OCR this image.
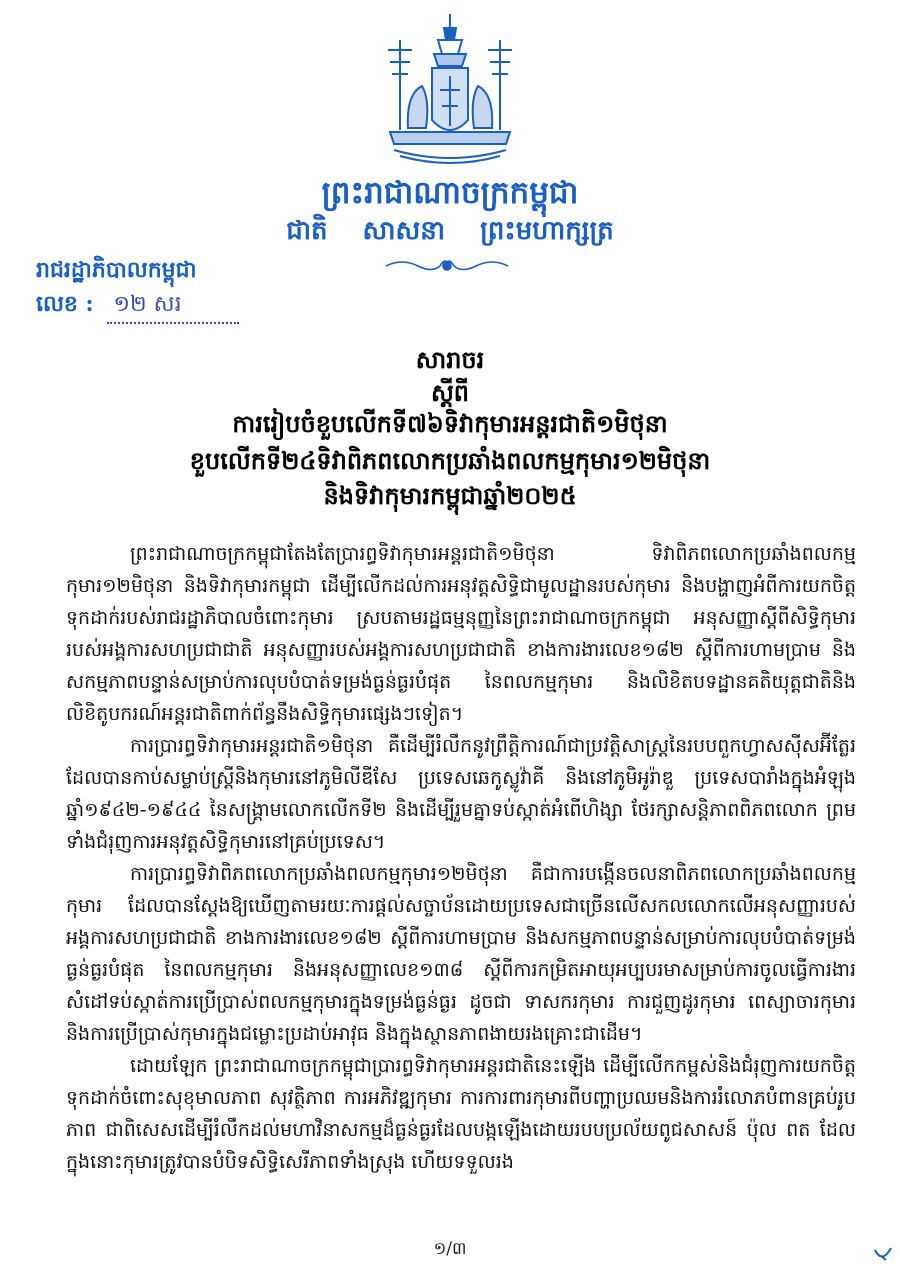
ព្រះរាជាណាចក្រកម្ពុជា
ជាតិ សាសនា ព្រះមហាក្សត្រ
រាជរដ្ឋាភិបាលកម្ពុជា
លេខ : ១២ សរ
សារាចរ
ស្តីពី
ការរៀបចំខួបលើកទី៧៦ទិវាកុមារអន្តរជាតិ១មិថុនា
ខួបលើកទី២៤ទិវាពិភពលោកប្រឆាំងពលកម្មកុមារ១២មិថុនា
និងទិវាកុមារកម្ពុជាឆ្នាំ២០២៥

ព្រះរាជាណាចក្រកម្ពុជាតែងតែប្រារព្ធទិវាកុមារអន្តរជាតិ១មិថុនា ទិវាពិភពលោកប្រឆាំងពលកម្មកុមារ១២មិថុនា និងទិវាកុមារកម្ពុជា ដើម្បីលើកដល់ការអនុវត្តសិទ្ធិជាមូលដ្ឋានរបស់កុមារ និងបង្ហាញអំពីការយកចិត្តទុកដាក់របស់រាជរដ្ឋាភិបាលចំពោះកុមារ ស្របតាមរដ្ឋធម្មនុញ្ញនៃព្រះរាជាណាចក្រកម្ពុជា អនុសញ្ញាស្តីពីសិទ្ធិកុមាររបស់អង្គការសហប្រជាជាតិ អនុសញ្ញារបស់អង្គការសហប្រជាជាតិ ខាងការងារលេខ១៨២ ស្តីពីការហាមប្រាម និងសកម្មភាពបន្ទាន់សម្រាប់ការលុបបំបាត់ទម្រង់ធ្ងន់ធ្ងរបំផុត នៃពលកម្មកុមារ និងលិខិតបទដ្ឋានគតិយុត្តជាតិនិងលិខិតូបករណ៍អន្តរជាតិពាក់ព័ន្ធនឹងសិទ្ធិកុមារផ្សេងៗទៀត។

ការប្រារព្ធទិវាកុមារអន្តរជាតិ១មិថុនា គឺដើម្បីរំលឹកនូវព្រឹត្តិការណ៍ជាប្រវត្តិសាស្ត្រនៃរបបពួកហ្វាសស៊ីសអ៊ីត្លែរដែលបានកាប់សម្លាប់ស្ត្រីនិងកុមារនៅភូមិលីឌីសែ ប្រទេសឆេកូស្លូវ៉ាគី និងនៅភូមិអូរ៉ាឌួ ប្រទេសបារាំងក្នុងអំឡុងឆ្នាំ១៩៤២-១៩៤៤ នៃសង្គ្រាមលោកលើកទី២ និងដើម្បីរួមគ្នាទប់ស្កាត់អំពើហិង្សា ថែរក្សាសន្តិភាពពិភពលោក ព្រមទាំងជំរុញការអនុវត្តសិទ្ធិកុមារនៅគ្រប់ប្រទេស។

ការប្រារព្ធទិវាពិភពលោកប្រឆាំងពលកម្មកុមារ១២មិថុនា គឺជាការបង្កើនចលនាពិភពលោកប្រឆាំងពលកម្មកុមារ ដែលបានស្តែងឱ្យឃើញតាមរយៈការផ្តល់សច្ចាប័នដោយប្រទេសជាច្រើនលើសកលលោកលើអនុសញ្ញារបស់អង្គការសហប្រជាជាតិ ខាងការងារលេខ១៨២ ស្តីពីការហាមប្រាម និងសកម្មភាពបន្ទាន់សម្រាប់ការលុបបំបាត់ទម្រង់ធ្ងន់ធ្ងរបំផុត នៃពលកម្មកុមារ និងអនុសញ្ញាលេខ១៣៨ ស្តីពីការកម្រិតអាយុអប្បបរមាសម្រាប់ការចូលធ្វើការងារ សំដៅទប់ស្កាត់ការប្រើប្រាស់ពលកម្មកុមារក្នុងទម្រង់ធ្ងន់ធ្ងរ ដូចជា ទាសករកុមារ ការជួញដូរកុមារ ពេស្យាចារកុមារ និងការប្រើប្រាស់កុមារក្នុងជម្លោះប្រដាប់អាវុធ និងក្នុងស្ថានភាពងាយរងគ្រោះជាដើម។

ដោយឡែក ព្រះរាជាណាចក្រកម្ពុជាប្រារព្ធទិវាកុមារអន្តរជាតិនេះឡើង ដើម្បីលើកកម្ពស់និងជំរុញការយកចិត្តទុកដាក់ចំពោះសុខុមាលភាព សុវត្ថិភាព ការអភិវឌ្ឍកុមារ ការការពារកុមារពីបញ្ហាប្រឈមនិងការរំលោភបំពានគ្រប់រូបភាព ជាពិសេសដើម្បីរំលឹកដល់មហាវិនាសកម្មដ៏ធ្ងន់ធ្ងរដែលបង្កឡើងដោយរបបប្រល័យពូជសាសន៍ ប៉ុល ពត ដែលក្នុងនោះកុមារត្រូវបានបំបិទសិទ្ធិសេរីភាពទាំងស្រុង ហើយទទួលរង

១/៣
